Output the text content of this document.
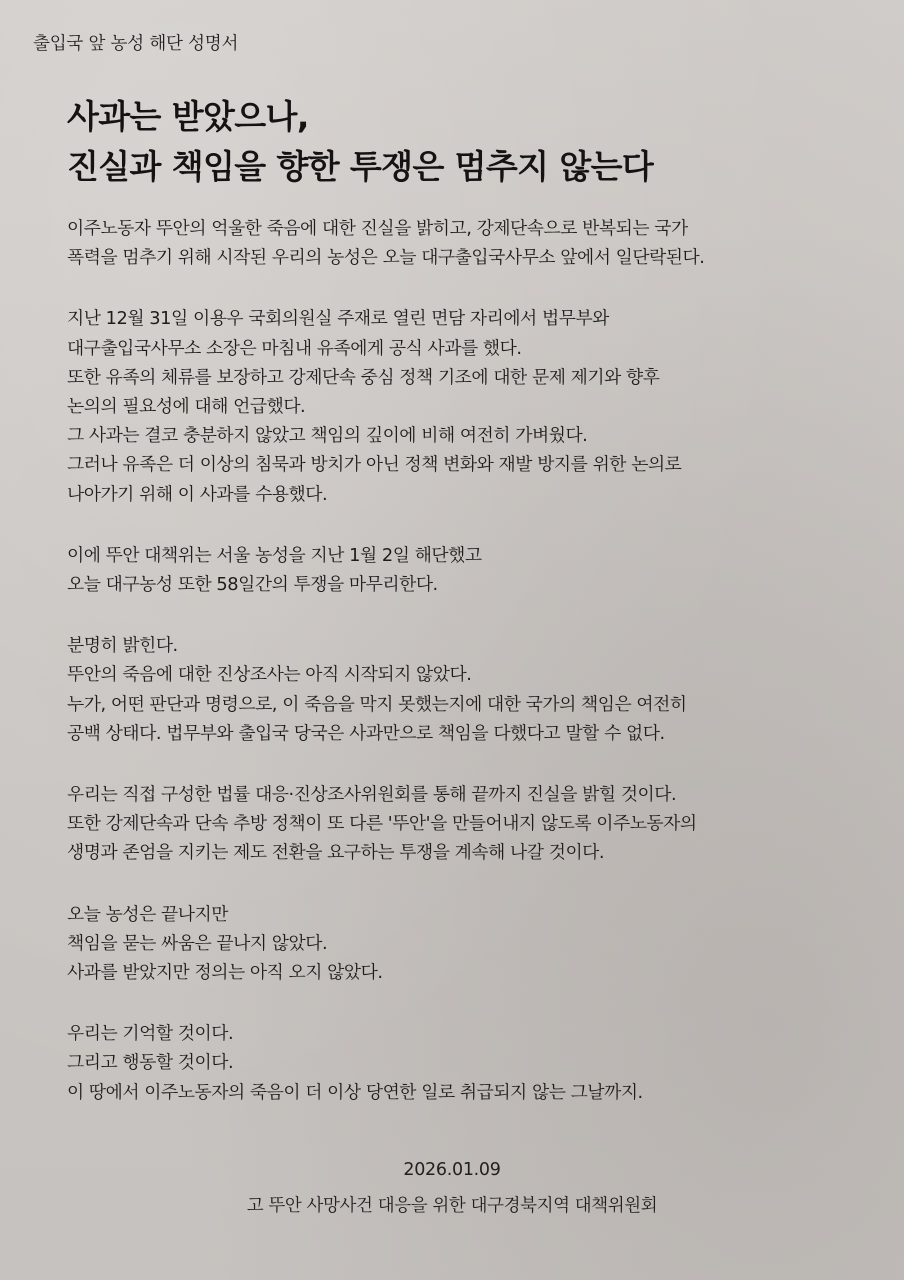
출입국 앞 농성 해단 성명서
사과는 받았으나,
진실과 책임을 향한 투쟁은 멈추지 않는다

이주노동자 뚜안의 억울한 죽음에 대한 진실을 밝히고, 강제단속으로 반복되는 국가
폭력을 멈추기 위해 시작된 우리의 농성은 오늘 대구출입국사무소 앞에서 일단락된다.

지난 12월 31일 이용우 국회의원실 주재로 열린 면담 자리에서 법무부와
대구출입국사무소 소장은 마침내 유족에게 공식 사과를 했다.
또한 유족의 체류를 보장하고 강제단속 중심 정책 기조에 대한 문제 제기와 향후
논의의 필요성에 대해 언급했다.
그 사과는 결코 충분하지 않았고 책임의 깊이에 비해 여전히 가벼웠다.
그러나 유족은 더 이상의 침묵과 방치가 아닌 정책 변화와 재발 방지를 위한 논의로
나아가기 위해 이 사과를 수용했다.

이에 뚜안 대책위는 서울 농성을 지난 1월 2일 해단했고
오늘 대구농성 또한 58일간의 투쟁을 마무리한다.

분명히 밝힌다.
뚜안의 죽음에 대한 진상조사는 아직 시작되지 않았다.
누가, 어떤 판단과 명령으로, 이 죽음을 막지 못했는지에 대한 국가의 책임은 여전히
공백 상태다. 법무부와 출입국 당국은 사과만으로 책임을 다했다고 말할 수 없다.

우리는 직접 구성한 법률 대응·진상조사위원회를 통해 끝까지 진실을 밝힐 것이다.
또한 강제단속과 단속 추방 정책이 또 다른 '뚜안'을 만들어내지 않도록 이주노동자의
생명과 존엄을 지키는 제도 전환을 요구하는 투쟁을 계속해 나갈 것이다.

오늘 농성은 끝나지만
책임을 묻는 싸움은 끝나지 않았다.
사과를 받았지만 정의는 아직 오지 않았다.

우리는 기억할 것이다.
그리고 행동할 것이다.
이 땅에서 이주노동자의 죽음이 더 이상 당연한 일로 취급되지 않는 그날까지.

2026.01.09
고 뚜안 사망사건 대응을 위한 대구경북지역 대책위원회
